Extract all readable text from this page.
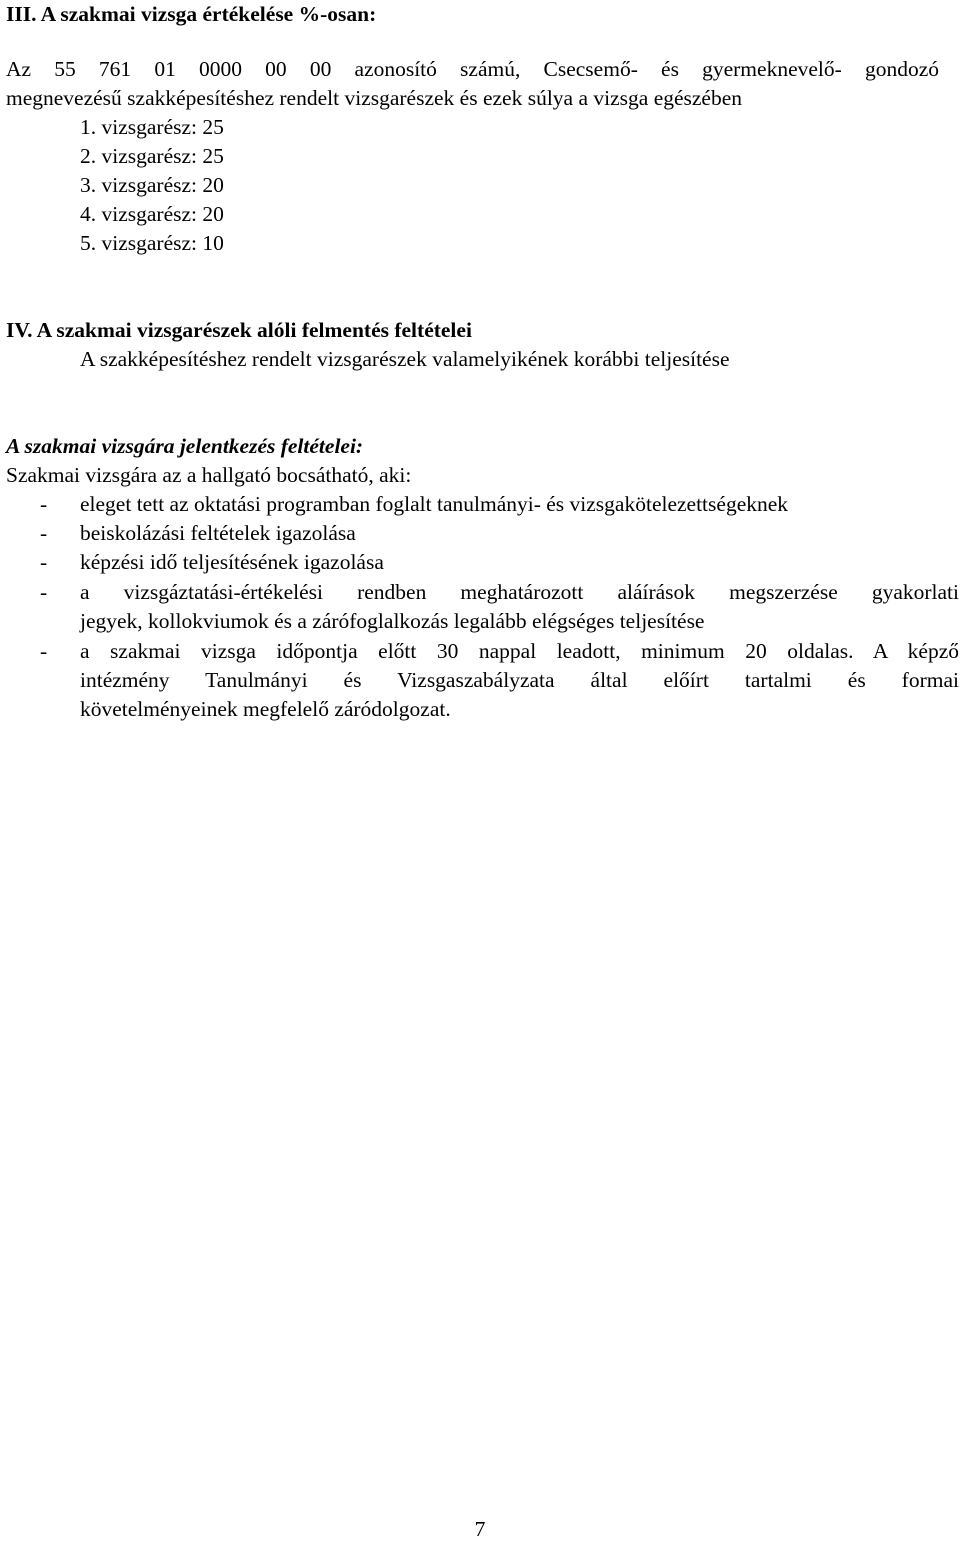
III. A szakmai vizsga értékelése %-osan:
Az 55 761 01 0000 00 00 azonosító számú, Csecsemő- és gyermeknevelő- gondozó
megnevezésű szakképesítéshez rendelt vizsgarészek és ezek súlya a vizsga egészében
1. vizsgarész: 25
2. vizsgarész: 25
3. vizsgarész: 20
4. vizsgarész: 20
5. vizsgarész: 10
IV. A szakmai vizsgarészek alóli felmentés feltételei
A szakképesítéshez rendelt vizsgarészek valamelyikének korábbi teljesítése
A szakmai vizsgára jelentkezés feltételei:
Szakmai vizsgára az a hallgató bocsátható, aki:
- eleget tett az oktatási programban foglalt tanulmányi- és vizsgakötelezettségeknek
- beiskolázási feltételek igazolása
- képzési idő teljesítésének igazolása
- a vizsgáztatási-értékelési rendben meghatározott aláírások megszerzése gyakorlati
jegyek, kollokviumok és a zárófoglalkozás legalább elégséges teljesítése
- a szakmai vizsga időpontja előtt 30 nappal leadott, minimum 20 oldalas. A képző
intézmény Tanulmányi és Vizsgaszabályzata által előírt tartalmi és formai
követelményeinek megfelelő záródolgozat.
7
